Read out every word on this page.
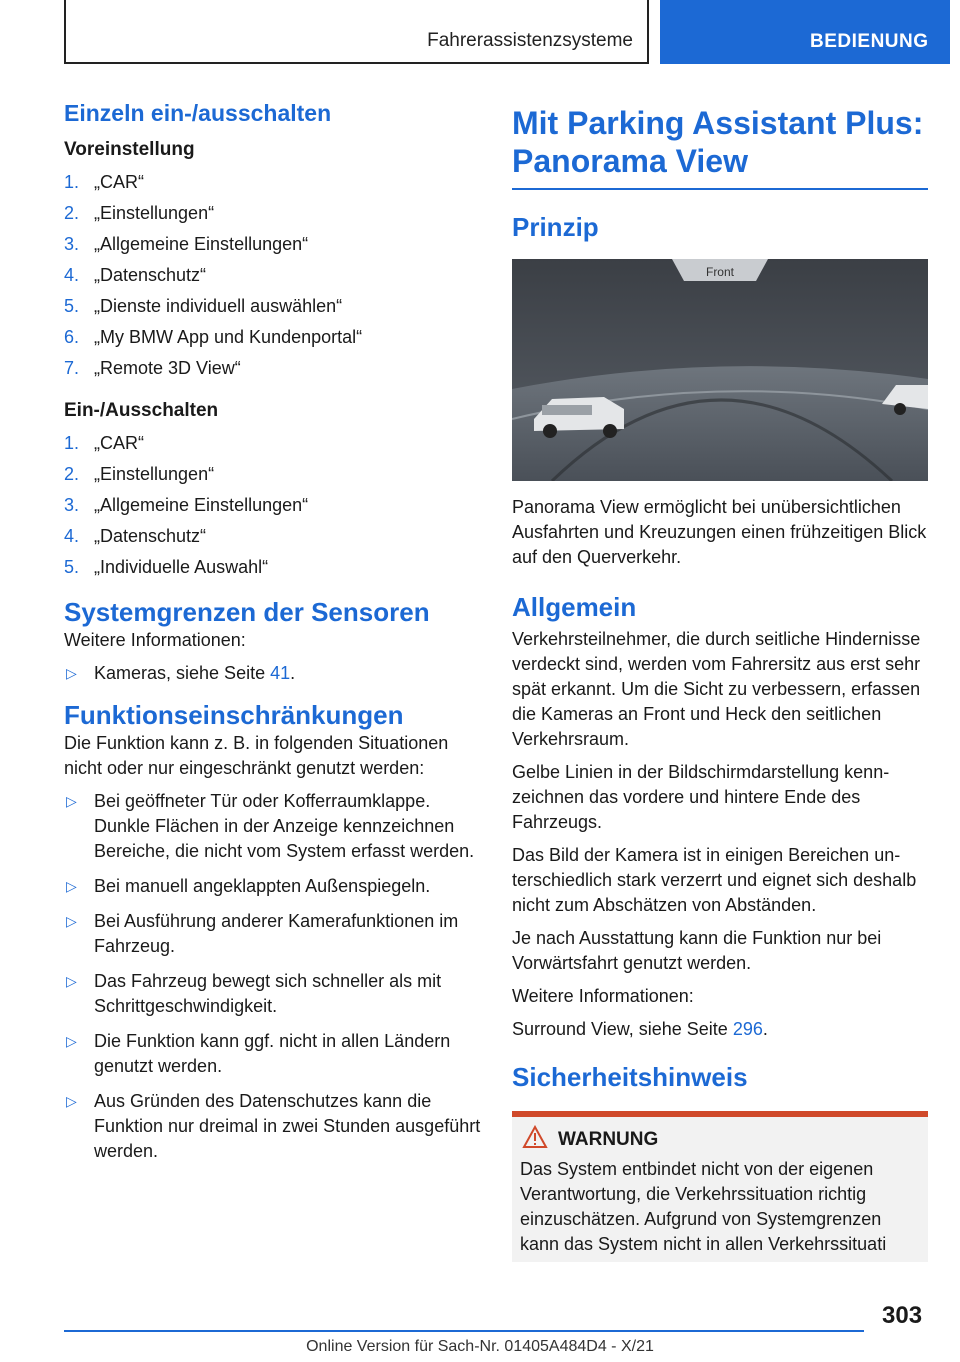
Fahrerassistenzsysteme	BEDIENUNG
Einzeln ein-/ausschalten
Voreinstellung
1. „CAR“
2. „Einstellungen“
3. „Allgemeine Einstellungen“
4. „Datenschutz“
5. „Dienste individuell auswählen“
6. „My BMW App und Kundenportal“
7. „Remote 3D View“
Ein-/Ausschalten
1. „CAR“
2. „Einstellungen“
3. „Allgemeine Einstellungen“
4. „Datenschutz“
5. „Individuelle Auswahl“
Systemgrenzen der Sensoren

Weitere Informationen:

▷ Kameras, siehe Seite 41.
Funktionseinschränkungen

Die Funktion kann z. B. in folgenden Situationen nicht oder nur eingeschränkt genutzt werden:

▷ Bei geöffneter Tür oder Kofferraumklappe. Dunkle Flächen in der Anzeige kennzeichnen Bereiche, die nicht vom System erfasst werden.
▷ Bei manuell angeklappten Außenspiegeln.
▷ Bei Ausführung anderer Kamerafunktionen im Fahrzeug.
▷ Das Fahrzeug bewegt sich schneller als mit Schrittgeschwindigkeit.
▷ Die Funktion kann ggf. nicht in allen Ländern genutzt werden.
▷ Aus Gründen des Datenschutzes kann die Funktion nur dreimal in zwei Stunden ausgeführt werden.
Mit Parking Assistant Plus: Panorama View
Prinzip
Front

Panorama View ermöglicht bei unübersichtlichen Ausfahrten und Kreuzungen einen frühzeitigen Blick auf den Querverkehr.

Allgemein

Verkehrsteilnehmer, die durch seitliche Hindernisse verdeckt sind, werden vom Fahrersitz aus erst sehr spät erkannt. Um die Sicht zu verbessern, erfassen die Kameras an Front und Heck den seitlichen Verkehrsraum.

Gelbe Linien in der Bildschirmdarstellung kennzeichnen das vordere und hintere Ende des Fahrzeugs.

Das Bild der Kamera ist in einigen Bereichen unterschiedlich stark verzerrt und eignet sich deshalb nicht zum Abschätzen von Abständen.

Je nach Ausstattung kann die Funktion nur bei Vorwärtsfahrt genutzt werden.

Weitere Informationen:

Surround View, siehe Seite 296.

Sicherheitshinweis
WARNUNG

Das System entbindet nicht von der eigenen Verantwortung, die Verkehrssituation richtig einzuschätzen. Aufgrund von Systemgrenzen kann das System nicht in allen Verkehrssituati

303
Online Version für Sach-Nr. 01405A484D4 - X/21
